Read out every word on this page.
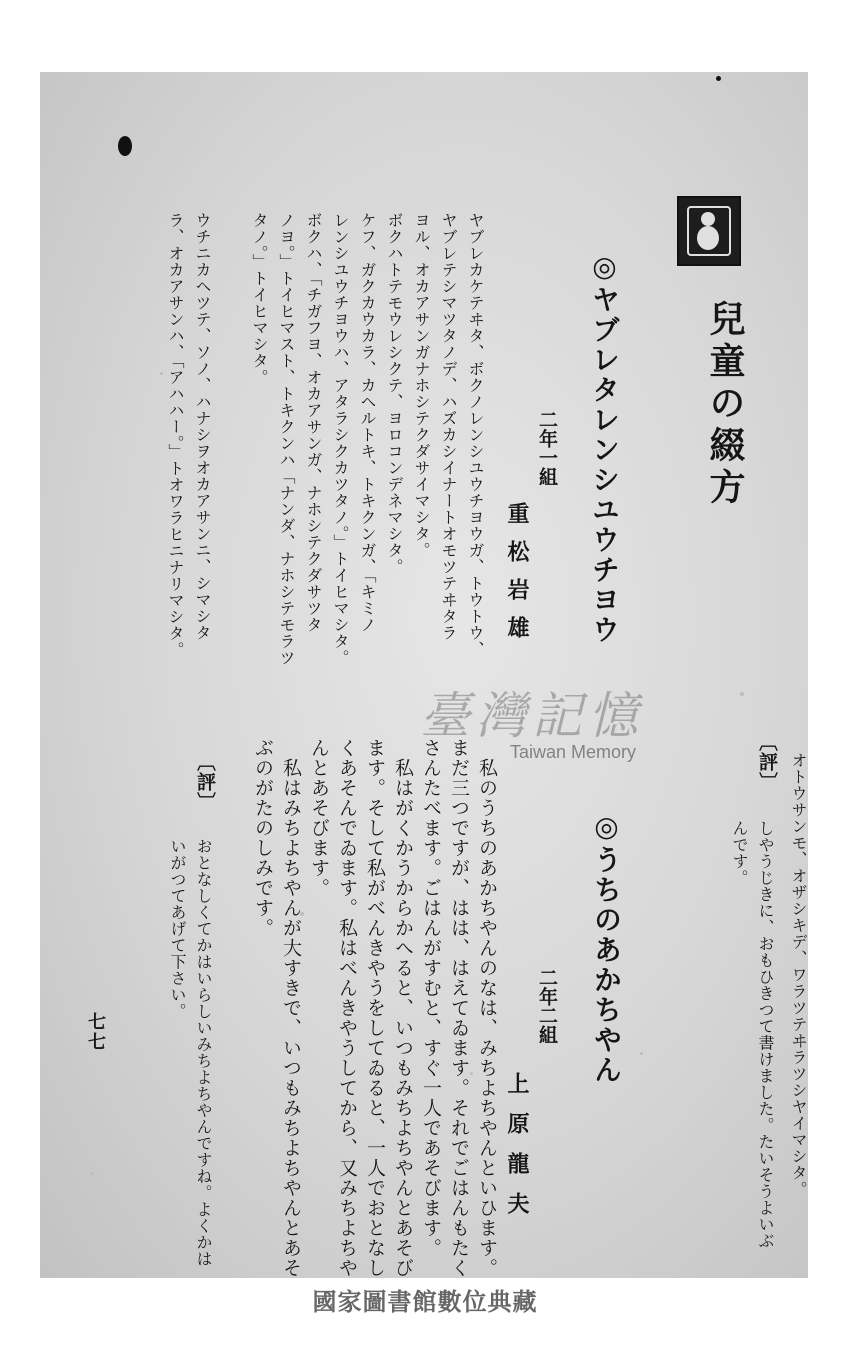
兒童の綴方
◎ヤブレタレンシユウチヨウ
二年一組
重松岩雄
ヤブレカケテヰタ、ボクノレンシユウチヨウガ、トウトウ、
ヤブレテシマツタノデ、ハズカシイナートオモツテヰタラ
ヨル、オカアサンガナホシテクダサイマシタ。
ボクハトテモウレシクテ、ヨロコンデネマシタ。
ケフ、ガクカウカラ、カヘルトキ、トキクンガ、「キミノ
レンシユウチヨウハ、アタラシクカツタノ。」トイヒマシタ。
ボクハ、「チガフヨ、オカアサンガ、ナホシテクダサツタ
ノヨ。」トイヒマスト、トキクンハ「ナンダ、ナホシテモラツ
タノ。」トイヒマシタ。
ウチニカヘツテ、ソノ、ハナシヲオカアサンニ、シマシタ
ラ、オカアサンハ、「アハハー。」トオワラヒニナリマシタ。
オトウサンモ、オザシキデ、ワラツテヰラツシヤイマシタ。
〔評〕
しやうじきに、おもひきつて書けました。たいそうよいぶ
んです。
◎うちのあかちやん
二年二組
上原龍夫
私のうちのあかちやんのなは、みちよちやんといひます。
まだ三つですが、はは、はえてゐます。それでごはんもたく
さんたべます。ごはんがすむと、すぐ一人であそびます。
私はがくかうからかへると、いつもみちよちやんとあそび
ます。そして私がべんきやうをしてゐると、一人でおとなし
くあそんでゐます。私はべんきやうしてから、又みちよちや
んとあそびます。
私はみちよちやんが大すきで、いつもみちよちやんとあそ
ぶのがたのしみです。
〔評〕
おとなしくてかはいらしいみちよちやんですね。よくかは
いがつてあげて下さい。
七七
臺灣記憶
Taiwan Memory
國家圖書館數位典藏
